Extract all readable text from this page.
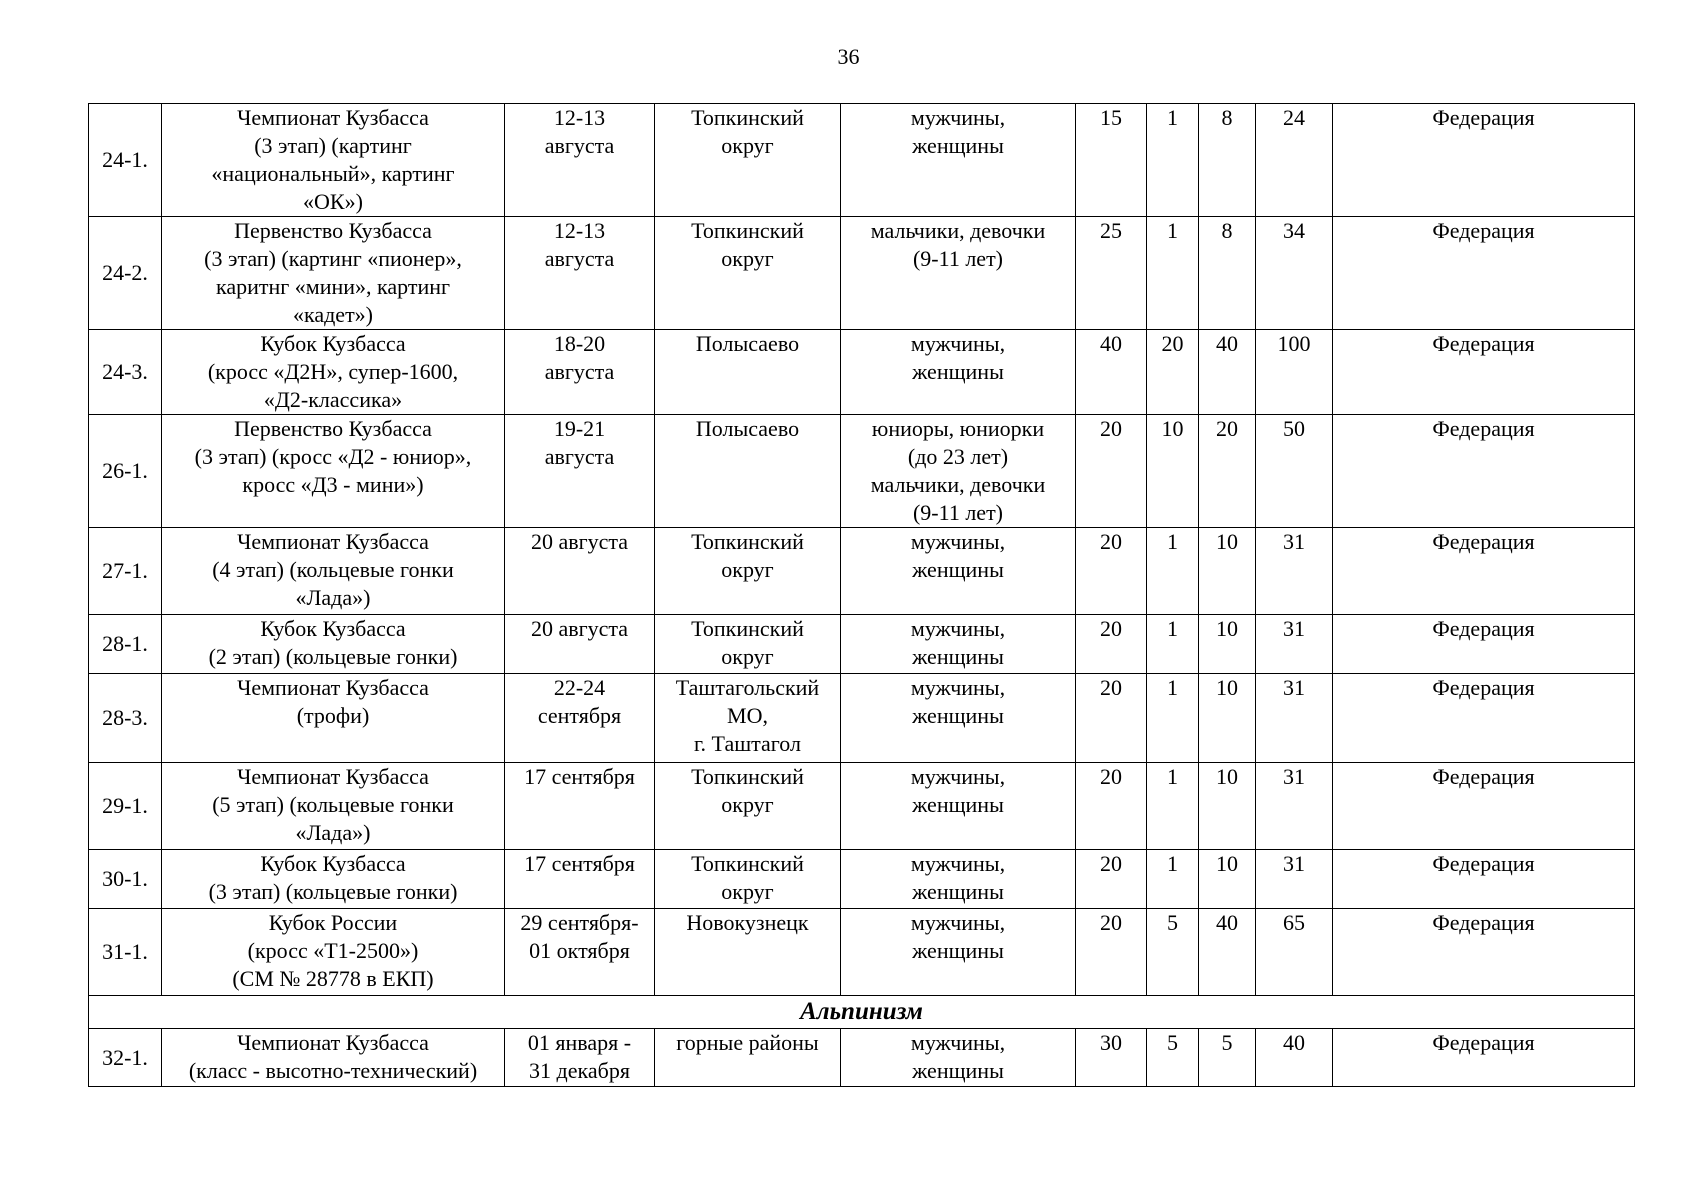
36
24-1.	Чемпионат Кузбасса
(3 этап) (картинг
«национальный», картинг
«ОК»)	12-13
августа	Топкинский
округ	мужчины,
женщины	15	1	8	24	Федерация
24-2.	Первенство Кузбасса
(3 этап) (картинг «пионер»,
каритнг «мини», картинг
«кадет»)	12-13
августа	Топкинский
округ	мальчики, девочки
(9-11 лет)	25	1	8	34	Федерация
24-3.	Кубок Кузбасса
(кросс «Д2Н», супер-1600,
«Д2-классика»	18-20
августа	Полысаево	мужчины,
женщины	40	20	40	100	Федерация
26-1.	Первенство Кузбасса
(3 этап) (кросс «Д2 - юниор»,
кросс «Д3 - мини»)	19-21
августа	Полысаево	юниоры, юниорки
(до 23 лет)
мальчики, девочки
(9-11 лет)	20	10	20	50	Федерация
27-1.	Чемпионат Кузбасса
(4 этап) (кольцевые гонки
«Лада»)	20 августа	Топкинский
округ	мужчины,
женщины	20	1	10	31	Федерация
28-1.	Кубок Кузбасса
(2 этап) (кольцевые гонки)	20 августа	Топкинский
округ	мужчины,
женщины	20	1	10	31	Федерация
28-3.	Чемпионат Кузбасса
(трофи)	22-24
сентября	Таштагольский
МО,
г. Таштагол	мужчины,
женщины	20	1	10	31	Федерация
29-1.	Чемпионат Кузбасса
(5 этап) (кольцевые гонки
«Лада»)	17 сентября	Топкинский
округ	мужчины,
женщины	20	1	10	31	Федерация
30-1.	Кубок Кузбасса
(3 этап) (кольцевые гонки)	17 сентября	Топкинский
округ	мужчины,
женщины	20	1	10	31	Федерация
31-1.	Кубок России
(кросс «Т1-2500»)
(СМ № 28778 в ЕКП)	29 сентября-
01 октября	Новокузнецк	мужчины,
женщины	20	5	40	65	Федерация
Альпинизм									
32-1.	Чемпионат Кузбасса
(класс - высотно-технический)	01 января -
31 декабря	горные районы	мужчины,
женщины	30	5	5	40	Федерация
